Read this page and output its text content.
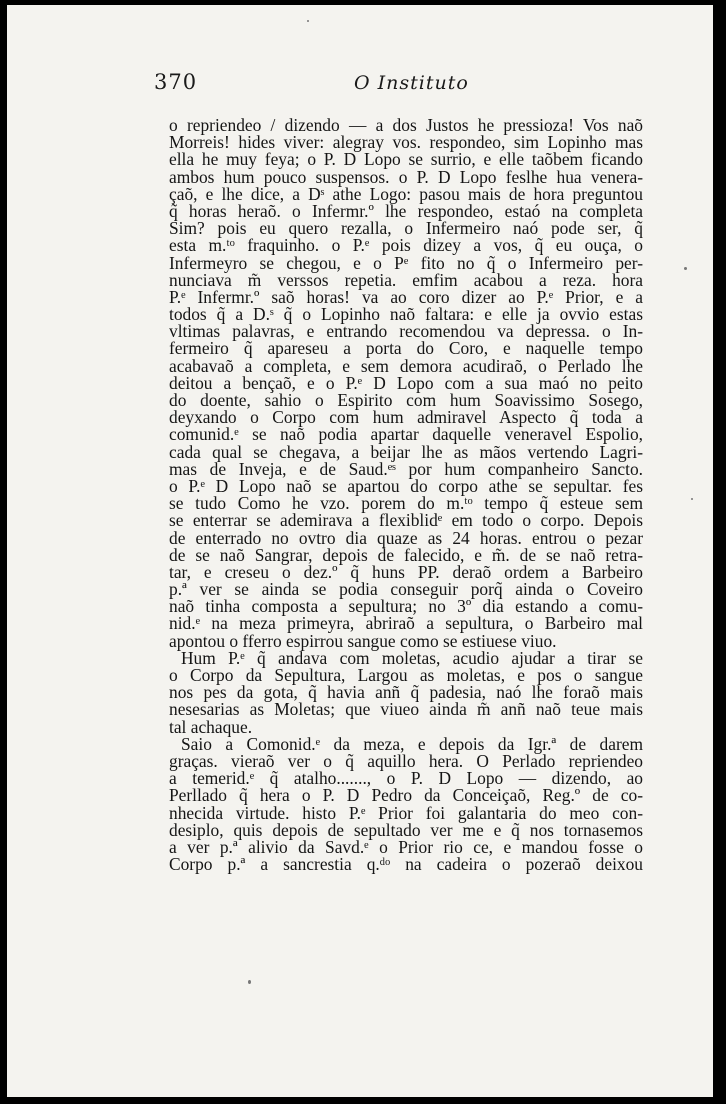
370	O Instituto
o repriendeo / dizendo — a dos Justos he pressioza! Vos naõ
Morreis! hides viver: alegray vos. respondeo, sim Lopinho mas
ella he muy feya; o P. D Lopo se surrio, e elle taõbem ficando
ambos hum pouco suspensos. o P. D Lopo feslhe hua venera-
çaõ, e lhe dice, a Dˢ athe Logo: pasou mais de hora preguntou
q̃ horas heraõ. o Infermr.º lhe respondeo, estaó na completa
Sim? pois eu quero rezalla, o Infermeiro naó pode ser, q̃
esta m.ᵗᵒ fraquinho. o P.ᵉ pois dizey a vos, q̃ eu ouça, o
Infermeyro se chegou, e o Pᵉ fito no q̃ o Infermeiro per-
nunciava m̃ verssos repetia. emfim acabou a reza. hora
P.ᵉ Infermr.º saõ horas! va ao coro dizer ao P.ᵉ Prior, e a
todos q̃ a D.ˢ q̃ o Lopinho naõ faltara: e elle ja ovvio estas
vltimas palavras, e entrando recomendou va depressa. o In-
fermeiro q̃ apareseu a porta do Coro, e naquelle tempo
acabavaõ a completa, e sem demora acudiraõ, o Perlado lhe
deitou a bençaõ, e o P.ᵉ D Lopo com a sua maó no peito
do doente, sahio o Espirito com hum Soavissimo Sosego,
deyxando o Corpo com hum admiravel Aspecto q̃ toda a
comunid.ᵉ se naõ podia apartar daquelle veneravel Espolio,
cada qual se chegava, a beijar lhe as mãos vertendo Lagri-
mas de Inveja, e de Saud.ᵉˢ por hum companheiro Sancto.
o P.ᵉ D Lopo naõ se apartou do corpo athe se sepultar. fes
se tudo Como he vzo. porem do m.ᵗᵒ tempo q̃ esteue sem
se enterrar se ademirava a flexiblidᵉ em todo o corpo. Depois
de enterrado no ovtro dia quaze as 24 horas. entrou o pezar
de se naõ Sangrar, depois de falecido, e m̃. de se naõ retra-
tar, e creseu o dez.º q̃ huns PP. deraõ ordem a Barbeiro
p.ª ver se ainda se podia conseguir porq̃ ainda o Coveiro
naõ tinha composta a sepultura; no 3º dia estando a comu-
nid.ᵉ na meza primeyra, abriraõ a sepultura, o Barbeiro mal
apontou o fferro espirrou sangue como se estiuese viuo.
Hum P.ᵉ q̃ andava com moletas, acudio ajudar a tirar se
o Corpo da Sepultura, Largou as moletas, e pos o sangue
nos pes da gota, q̃ havia anñ q̃ padesia, naó lhe foraõ mais
nesesarias as Moletas; que viueo ainda m̃ anñ naõ teue mais
tal achaque.
Saio a Comonid.ᵉ da meza, e depois da Igr.ª de darem
graças. vieraõ ver o q̃ aquillo hera. O Perlado repriendeo
a temerid.ᵉ q̃ atalho......., o P. D Lopo — dizendo, ao
Perllado q̃ hera o P. D Pedro da Conceiçaõ, Reg.º de co-
nhecida virtude. histo P.ᵉ Prior foi galantaria do meo con-
desiplo, quis depois de sepultado ver me e q̃ nos tornasemos
a ver p.ª alivio da Savd.ᵉ o Prior rio ce, e mandou fosse o
Corpo p.ª a sancrestia q.ᵈᵒ na cadeira o pozeraõ deixou
